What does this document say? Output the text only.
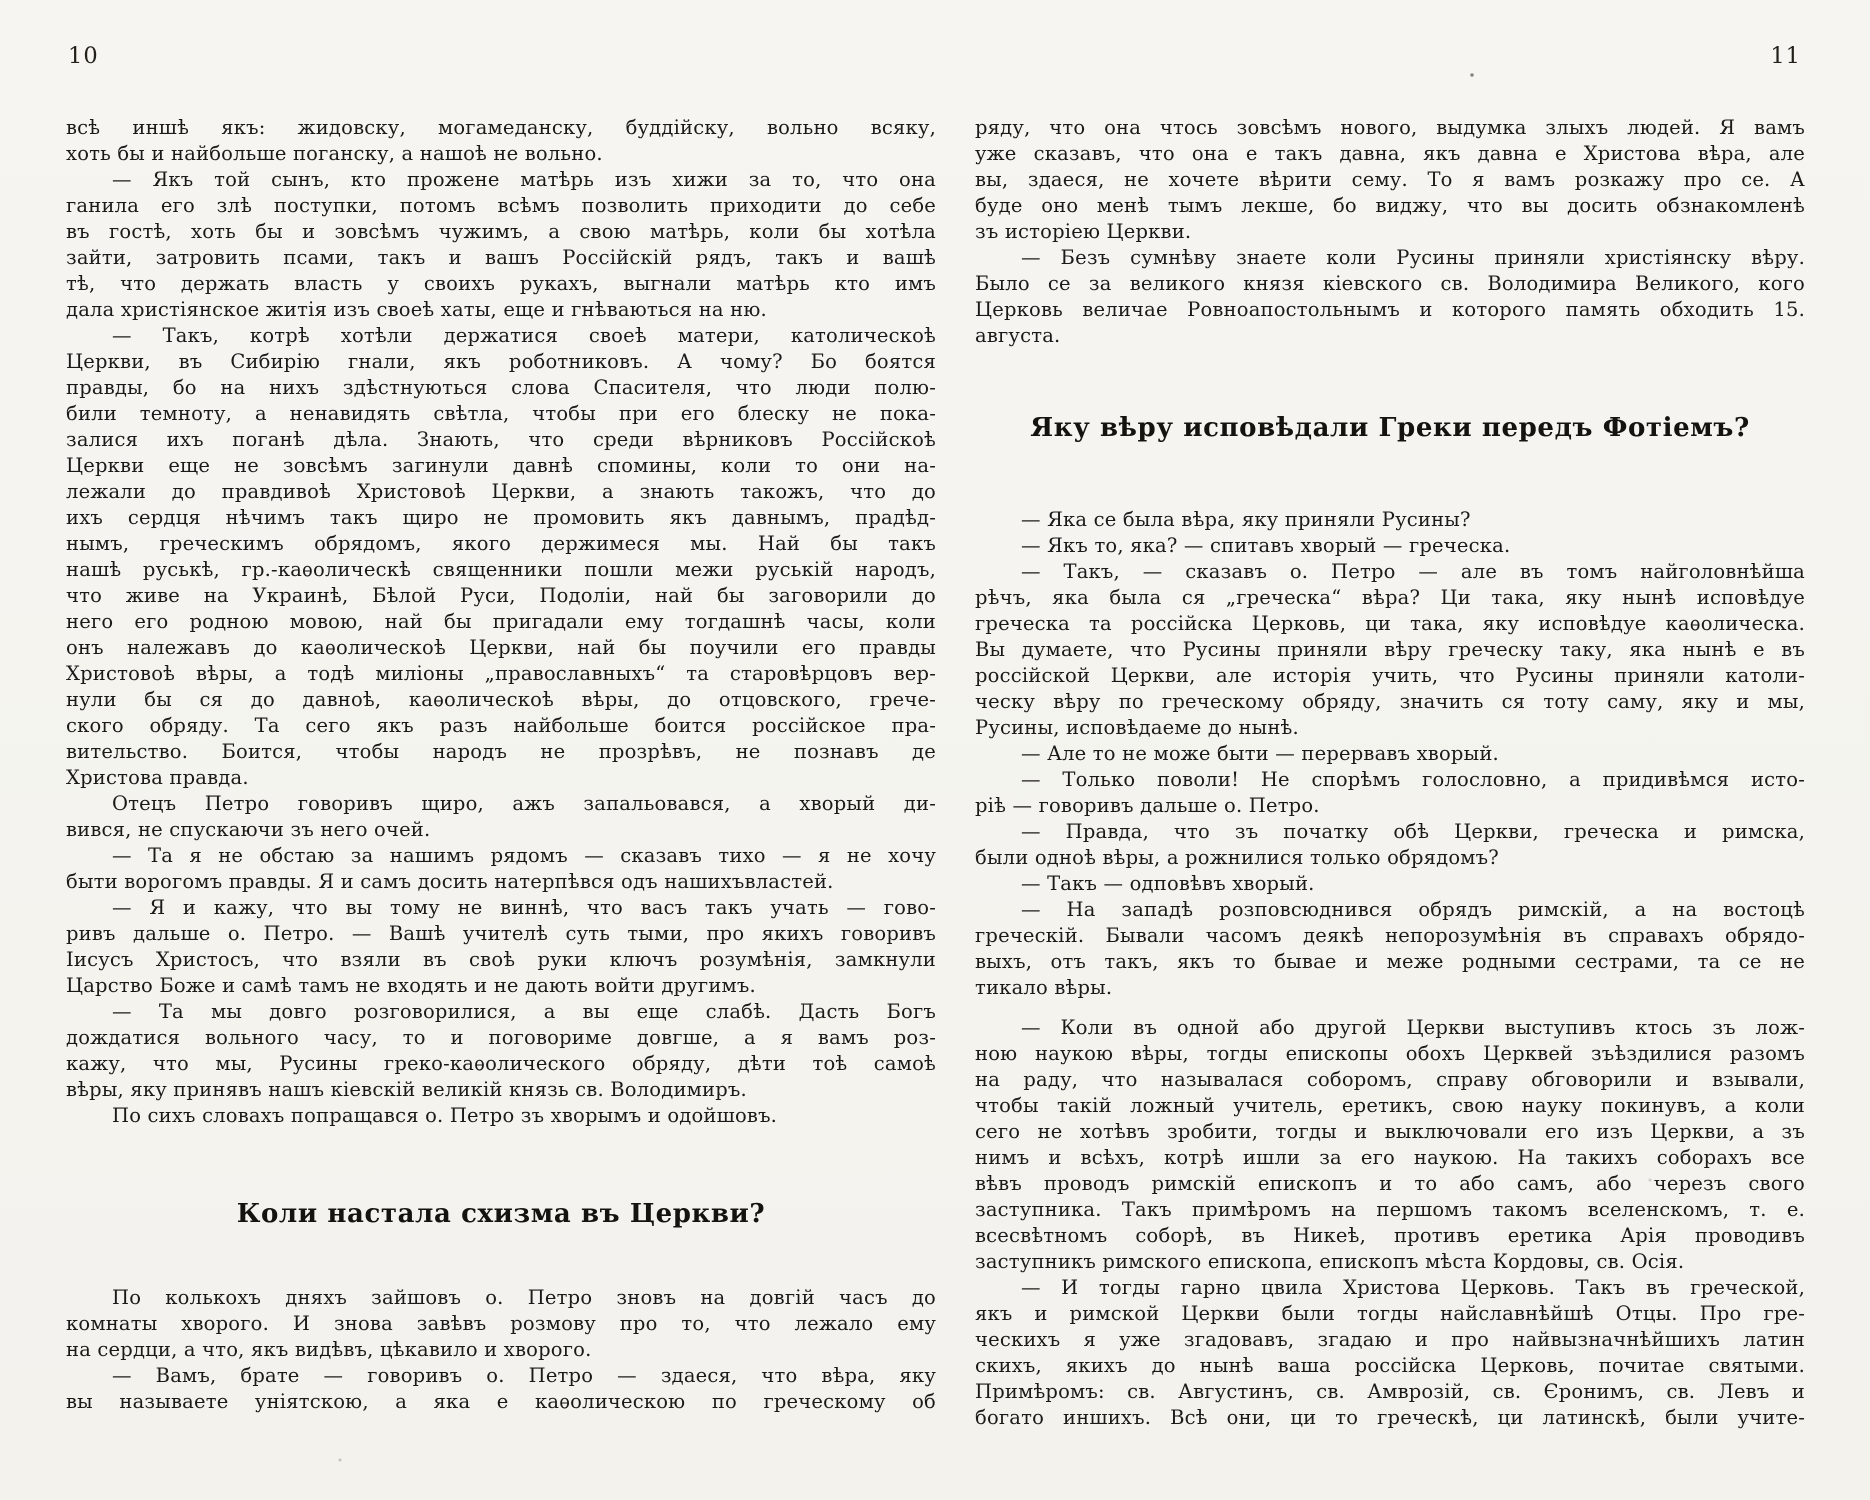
10
всѣ иншѣ якъ: жидовску, могамеданску, буддійску, вольно всяку,
хоть бы и найбольше поганску, а нашоѣ не вольно.
— Якъ той сынъ, кто прожене матѣрь изъ хижи за то, что она
ганила его злѣ поступки, потомъ всѣмъ позволить приходити до себе
въ гостѣ, хоть бы и зовсѣмъ чужимъ, а свою матѣрь, коли бы хотѣла
зайти, затровить псами, такъ и вашъ Россійскій рядъ, такъ и вашѣ
тѣ, что держать власть у своихъ рукахъ, выгнали матѣрь кто имъ
дала христіянское житія изъ своеѣ хаты, еще и гнѣваються на ню.
— Такъ, котрѣ хотѣли держатися своеѣ матери, католическоѣ
Церкви, въ Сибирію гнали, якъ роботниковъ. А чому? Бо боятся
правды, бо на нихъ здѣстнуються слова Спасителя, что люди полю-
били темноту, а ненавидять свѣтла, чтобы при его блеску не пока-
залися ихъ поганѣ дѣла. Знають, что среди вѣрниковъ Россійскоѣ
Церкви еще не зовсѣмъ загинули давнѣ спомины, коли то они на-
лежали до правдивоѣ Христовоѣ Церкви, а знають такожъ, что до
ихъ сердця нѣчимъ такъ щиро не промовить якъ давнымъ, прадѣд-
нымъ, греческимъ обрядомъ, якого держимеся мы. Най бы такъ
нашѣ руськѣ, гр.-каѳолическѣ священники пошли межи руській народъ,
что живе на Украинѣ, Бѣлой Руси, Подоліи, най бы заговорили до
него его родною мовою, най бы пригадали ему тогдашнѣ часы, коли
онъ належавъ до каѳолическоѣ Церкви, най бы поучили его правды
Христовоѣ вѣры, а тодѣ миліоны „православныхъ“ та старовѣрцовъ вер-
нули бы ся до давноѣ, каѳолическоѣ вѣры, до отцовского, грече-
ского обряду. Та сего якъ разъ найбольше боится россійское пра-
вительство. Боится, чтобы народъ не прозрѣвъ, не познавъ де
Христова правда.
Отецъ Петро говоривъ щиро, ажъ запальовався, а хворый ди-
вився, не спускаючи зъ него очей.
— Та я не обстаю за нашимъ рядомъ — сказавъ тихо — я не хочу
быти ворогомъ правды. Я и самъ досить натерпѣвся одъ нашихъвластей.
— Я и кажу, что вы тому не виннѣ, что васъ такъ учать — гово-
ривъ дальше о. Петро. — Вашѣ учителѣ суть тыми, про якихъ говоривъ
Іисусъ Христосъ, что взяли въ своѣ руки ключъ розумѣнія, замкнули
Царство Боже и самѣ тамъ не входять и не дають войти другимъ.
— Та мы довго розговорилися, а вы еще слабѣ. Дасть Богъ
дождатися вольного часу, то и поговориме довгше, а я вамъ роз-
кажу, что мы, Русины греко-каѳолического обряду, дѣти тоѣ самоѣ
вѣры, яку принявъ нашъ кіевскій великій князь св. Володимиръ.
По сихъ словахъ попращався о. Петро зъ хворымъ и одойшовъ.
Коли настала схизма въ Церкви?
По колькохъ дняхъ зайшовъ о. Петро зновъ на довгій часъ до
комнаты хворого. И знова завѣвъ розмову про то, что лежало ему
на сердци, а что, якъ видѣвъ, цѣкавило и хворого.
— Вамъ, брате — говоривъ о. Петро — здаеся, что вѣра, яку
вы называете уніятскою, а яка е каѳолическою по греческому об
11
ряду, что она чтось зовсѣмъ нового, выдумка злыхъ людей. Я вамъ
уже сказавъ, что она е такъ давна, якъ давна е Христова вѣра, але
вы, здаеся, не хочете вѣрити сему. То я вамъ розкажу про се. А
буде оно менѣ тымъ лекше, бо виджу, что вы досить обзнакомленѣ
зъ исторіею Церкви.
— Безъ сумнѣву знаете коли Русины приняли христіянску вѣру.
Было се за великого князя кіевского св. Володимира Великого, кого
Церковь величае Ровноапостольнымъ и которого память обходить 15.
августа.
Яку вѣру исповѣдали Греки передъ Фотіемъ?
— Яка се была вѣра, яку приняли Русины?
— Якъ то, яка? — спитавъ хворый — греческа.
— Такъ, — сказавъ о. Петро — але въ томъ найголовнѣйша
рѣчъ, яка была ся „греческа“ вѣра? Ци така, яку нынѣ исповѣдуе
греческа та россійска Церковь, ци така, яку исповѣдуе каѳолическа.
Вы думаете, что Русины приняли вѣру греческу таку, яка нынѣ е въ
россійской Церкви, але исторія учить, что Русины приняли католи-
ческу вѣру по греческому обряду, значить ся тоту саму, яку и мы,
Русины, исповѣдаеме до нынѣ.
— Але то не може быти — перервавъ хворый.
— Только поволи! Не спорѣмъ голословно, а придивѣмся исто-
ріѣ — говоривъ дальше о. Петро.
— Правда, что зъ початку обѣ Церкви, греческа и римска,
были одноѣ вѣры, а рожнилися только обрядомъ?
— Такъ — одповѣвъ хворый.
— На западѣ розповсюднився обрядъ римскій, а на востоцѣ
греческій. Бывали часомъ деякѣ непорозумѣнія въ справахъ обрядо-
выхъ, отъ такъ, якъ то бывае и меже родными сестрами, та се не
тикало вѣры.
— Коли въ одной або другой Церкви выступивъ ктось зъ лож-
ною наукою вѣры, тогды епископы обохъ Церквей зъѣздилися разомъ
на раду, что называлася соборомъ, справу обговорили и взывали,
чтобы такій ложный учитель, еретикъ, свою науку покинувъ, а коли
сего не хотѣвъ зробити, тогды и выключовали его изъ Церкви, а зъ
нимъ и всѣхъ, котрѣ ишли за его наукою. На такихъ соборахъ все
вѣвъ проводъ римскій епископъ и то або самъ, або черезъ свого
заступника. Такъ примѣромъ на першомъ такомъ вселенскомъ, т. е.
всесвѣтномъ соборѣ, въ Никеѣ, противъ еретика Арія проводивъ
заступникъ римского епископа, епископъ мѣста Кордовы, св. Осія.
— И тогды гарно цвила Христова Церковь. Такъ въ греческой,
якъ и римской Церкви были тогды найславнѣйшѣ Отцы. Про гре-
ческихъ я уже згадовавъ, згадаю и про найвызначнѣйшихъ латин
скихъ, якихъ до нынѣ ваша россійска Церковь, почитае святыми.
Примѣромъ: св. Августинъ, св. Амврозій, св. Єронимъ, св. Левъ и
богато иншихъ. Всѣ они, ци то греческѣ, ци латинскѣ, были учите-
